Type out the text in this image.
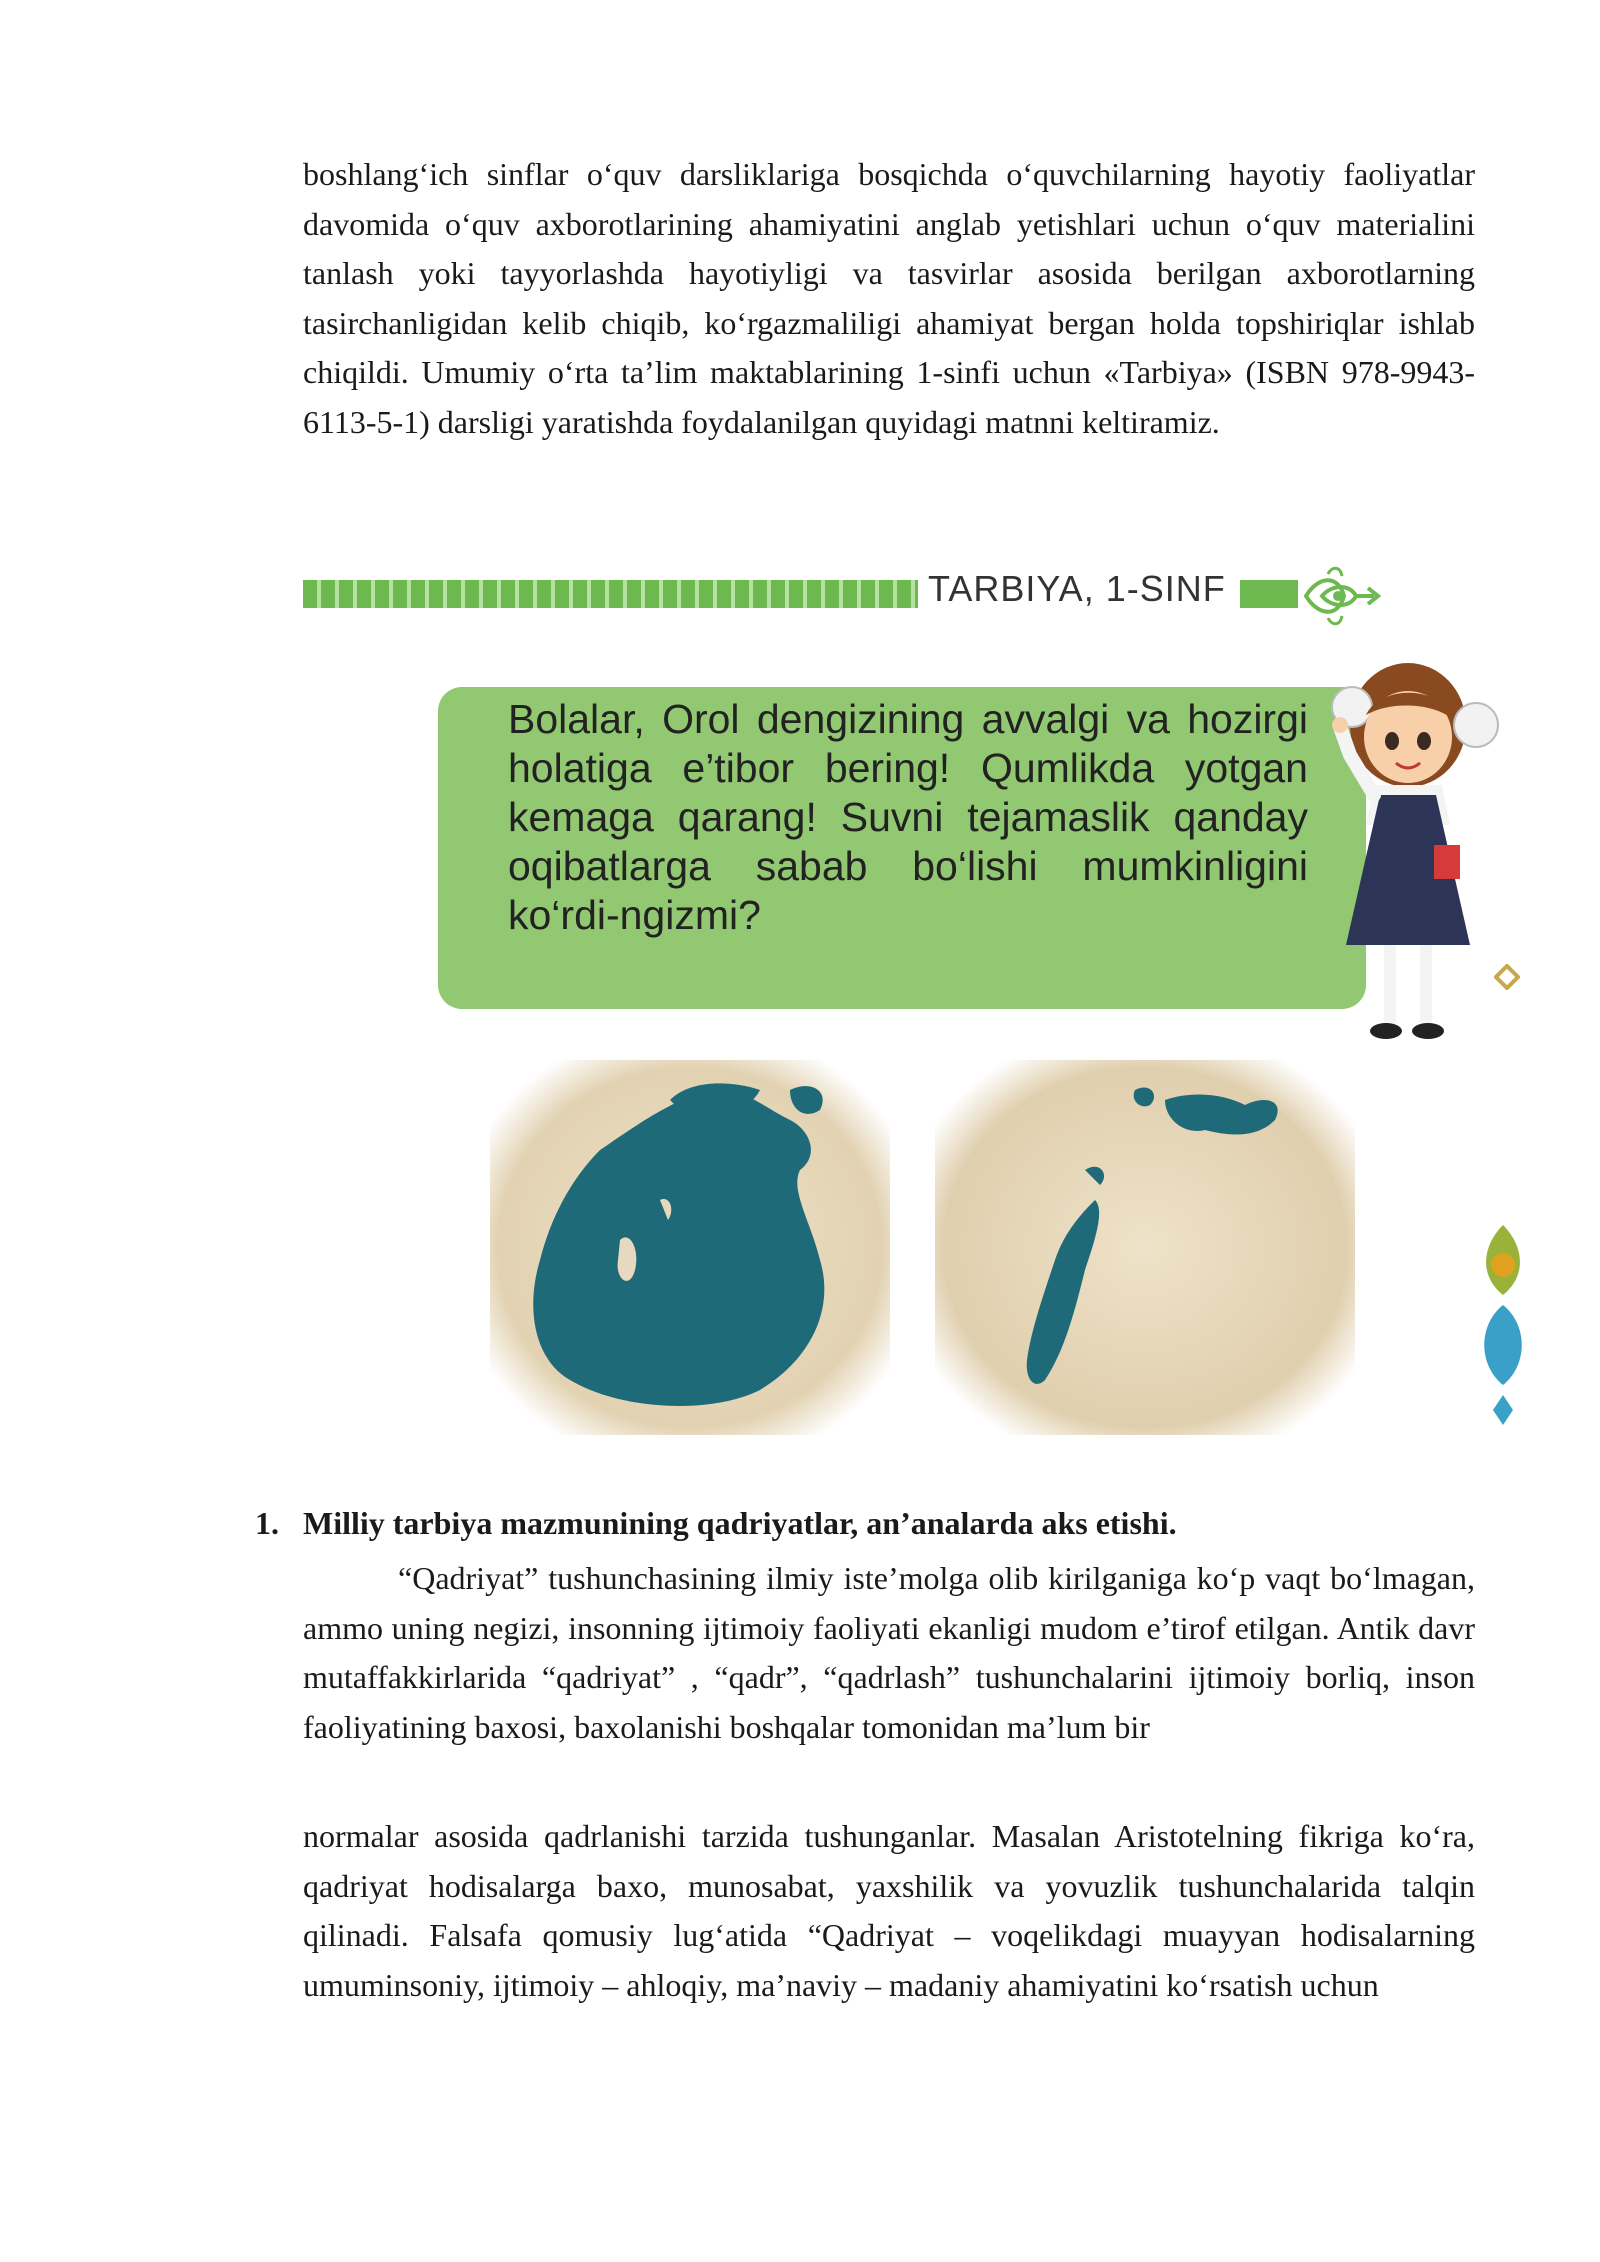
boshlang‘ich sinflar o‘quv darsliklariga bosqichda o‘quvchilarning hayotiy faoliyatlar davomida o‘quv axborotlarining ahamiyatini anglab yetishlari uchun o‘quv materialini tanlash yoki tayyorlashda hayotiyligi va tasvirlar asosida berilgan axborotlarning tasirchanligidan kelib chiqib, ko‘rgazmaliligi ahamiyat bergan holda topshiriqlar ishlab chiqildi. Umumiy o‘rta ta’lim maktablarining 1-sinfi uchun «Tarbiya» (ISBN 978-9943-6113-5-1) darsligi yaratishda foydalanilgan quyidagi matnni keltiramiz.

TARBIYA, 1-SINF

Bolalar, Orol dengizining avvalgi va hozirgi holatiga e’tibor bering! Qumlikda yotgan kemaga qarang! Suvni tejamaslik qanday oqibatlarga sabab bo‘lishi mumkinligini ko‘rdi-ngizmi?

1. Milliy tarbiya mazmunining qadriyatlar, an’analarda aks etishi.

“Qadriyat” tushunchasining ilmiy iste’molga olib kirilganiga ko‘p vaqt bo‘lmagan, ammo uning negizi, insonning ijtimoiy faoliyati ekanligi mudom e’tirof etilgan. Antik davr mutaffakkirlarida “qadriyat” , “qadr”, “qadrlash” tushunchalarini ijtimoiy borliq, inson faoliyatining baxosi, baxolanishi boshqalar tomonidan ma’lum bir

normalar asosida qadrlanishi tarzida tushunganlar. Masalan Aristotelning fikriga ko‘ra, qadriyat hodisalarga baxo, munosabat, yaxshilik va yovuzlik tushunchalarida talqin qilinadi. Falsafa qomusiy lug‘atida “Qadriyat – voqelikdagi muayyan hodisalarning umuminsoniy, ijtimoiy – ahloqiy, ma’naviy – madaniy ahamiyatini ko‘rsatish uchun
